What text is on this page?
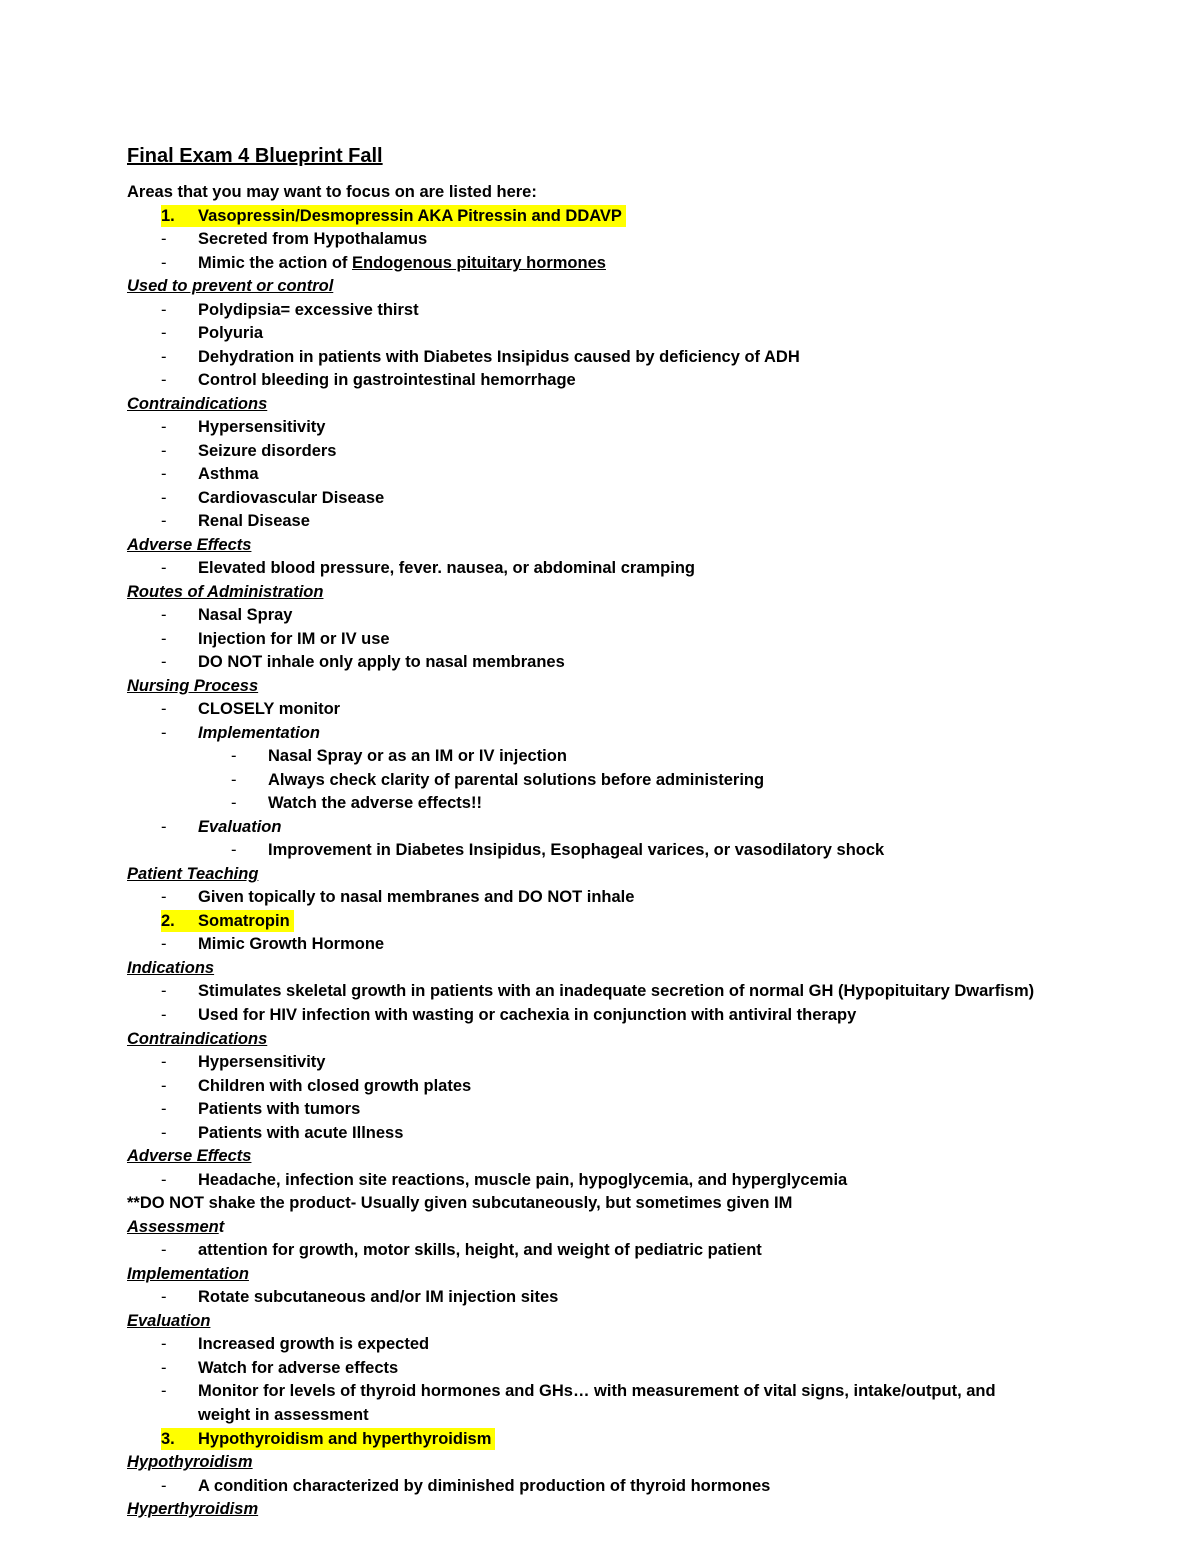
Final Exam 4 Blueprint Fall
Areas that you may want to focus on are listed here:
1. Vasopressin/Desmopressin AKA Pitressin and DDAVP
- Secreted from Hypothalamus
- Mimic the action of Endogenous pituitary hormones
Used to prevent or control
- Polydipsia= excessive thirst
- Polyuria
- Dehydration in patients with Diabetes Insipidus caused by deficiency of ADH
- Control bleeding in gastrointestinal hemorrhage
Contraindications
- Hypersensitivity
- Seizure disorders
- Asthma
- Cardiovascular Disease
- Renal Disease
Adverse Effects
- Elevated blood pressure, fever. nausea, or abdominal cramping
Routes of Administration
- Nasal Spray
- Injection for IM or IV use
- DO NOT inhale only apply to nasal membranes
Nursing Process
- CLOSELY monitor
- Implementation
- Nasal Spray or as an IM or IV injection
- Always check clarity of parental solutions before administering
- Watch the adverse effects!!
- Evaluation
- Improvement in Diabetes Insipidus, Esophageal varices, or vasodilatory shock
Patient Teaching
- Given topically to nasal membranes and DO NOT inhale
2. Somatropin
- Mimic Growth Hormone
Indications
- Stimulates skeletal growth in patients with an inadequate secretion of normal GH (Hypopituitary Dwarfism)
- Used for HIV infection with wasting or cachexia in conjunction with antiviral therapy
Contraindications
- Hypersensitivity
- Children with closed growth plates
- Patients with tumors
- Patients with acute Illness
Adverse Effects
- Headache, infection site reactions, muscle pain, hypoglycemia, and hyperglycemia
**DO NOT shake the product- Usually given subcutaneously, but sometimes given IM
Assessment
- attention for growth, motor skills, height, and weight of pediatric patient
Implementation
- Rotate subcutaneous and/or IM injection sites
Evaluation
- Increased growth is expected
- Watch for adverse effects
- Monitor for levels of thyroid hormones and GHs… with measurement of vital signs, intake/output, and
weight in assessment
3. Hypothyroidism and hyperthyroidism
Hypothyroidism
- A condition characterized by diminished production of thyroid hormones
Hyperthyroidism
